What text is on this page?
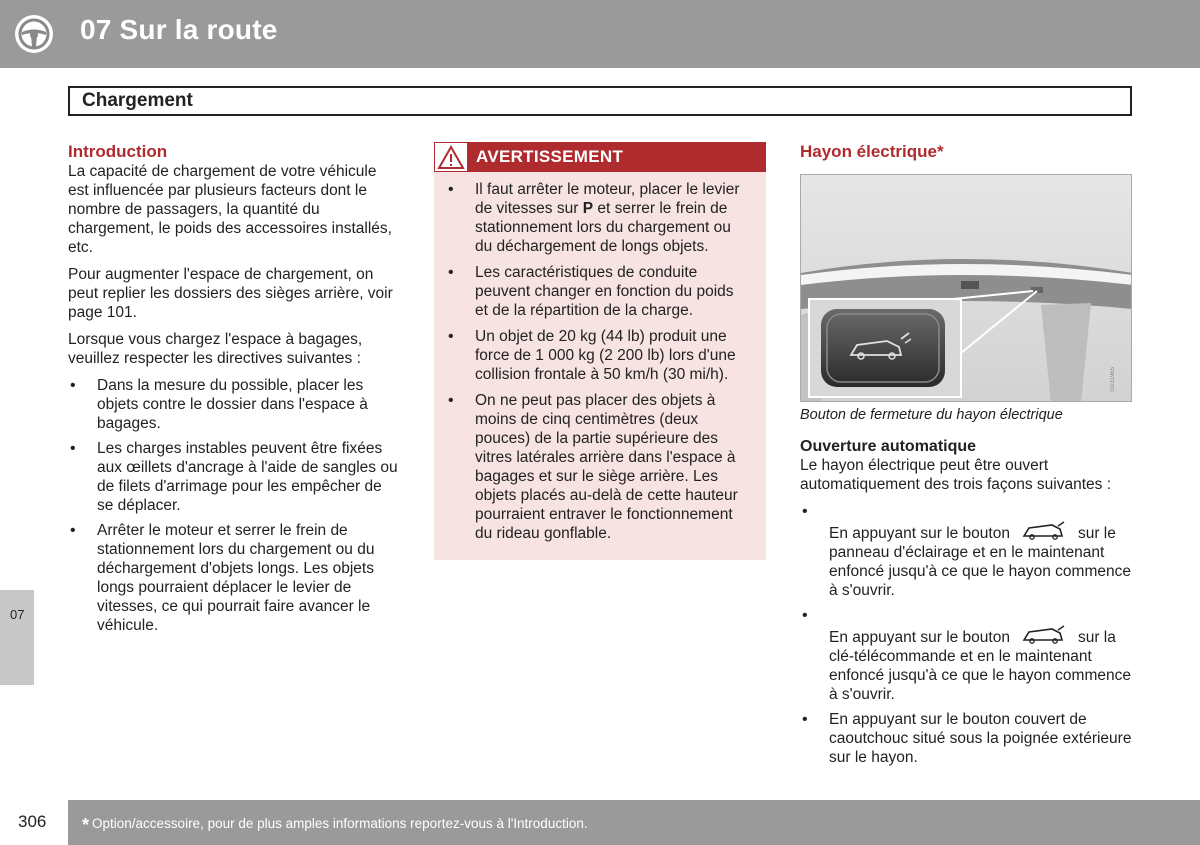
07 Sur la route
Chargement
07
Introduction

La capacité de chargement de votre véhicule est influencée par plusieurs facteurs dont le nombre de passagers, la quantité du chargement, le poids des accessoires installés, etc.

Pour augmenter l'espace de chargement, on peut replier les dossiers des sièges arrière, voir page 101.

Lorsque vous chargez l'espace à bagages, veuillez respecter les directives suivantes :

• Dans la mesure du possible, placer les objets contre le dossier dans l'espace à bagages.
• Les charges instables peuvent être fixées aux œillets d'ancrage à l'aide de sangles ou de filets d'arrimage pour les empêcher de se déplacer.
• Arrêter le moteur et serrer le frein de stationnement lors du chargement ou du déchargement d'objets longs. Les objets longs pourraient déplacer le levier de vitesses, ce qui pourrait faire avancer le véhicule.
AVERTISSEMENT
• Il faut arrêter le moteur, placer le levier de vitesses sur P et serrer le frein de stationnement lors du chargement ou du déchargement de longs objets.
• Les caractéristiques de conduite peuvent changer en fonction du poids et de la répartition de la charge.
• Un objet de 20 kg (44 lb) produit une force de 1 000 kg (2 200 lb) lors d'une collision frontale à 50 km/h (30 mi/h).
• On ne peut pas placer des objets à moins de cinq centimètres (deux pouces) de la partie supérieure des vitres latérales arrière dans l'espace à bagages et sur le siège arrière. Les objets placés au-delà de cette hauteur pourraient entraver le fonctionnement du rideau gonflable.
Hayon électrique*
G031965
Bouton de fermeture du hayon électrique
Ouverture automatique

Le hayon électrique peut être ouvert automatiquement des trois façons suivantes :

• En appuyant sur le bouton	sur le panneau d'éclairage et en le maintenant enfoncé jusqu'à ce que le hayon commence à s'ouvrir.
• En appuyant sur le bouton	sur la clé-télécommande et en le maintenant enfoncé jusqu'à ce que le hayon commence à s'ouvrir.
• En appuyant sur le bouton couvert de caoutchouc situé sous la poignée extérieure sur le hayon.
306 * Option/accessoire, pour de plus amples informations reportez-vous à l'Introduction.
